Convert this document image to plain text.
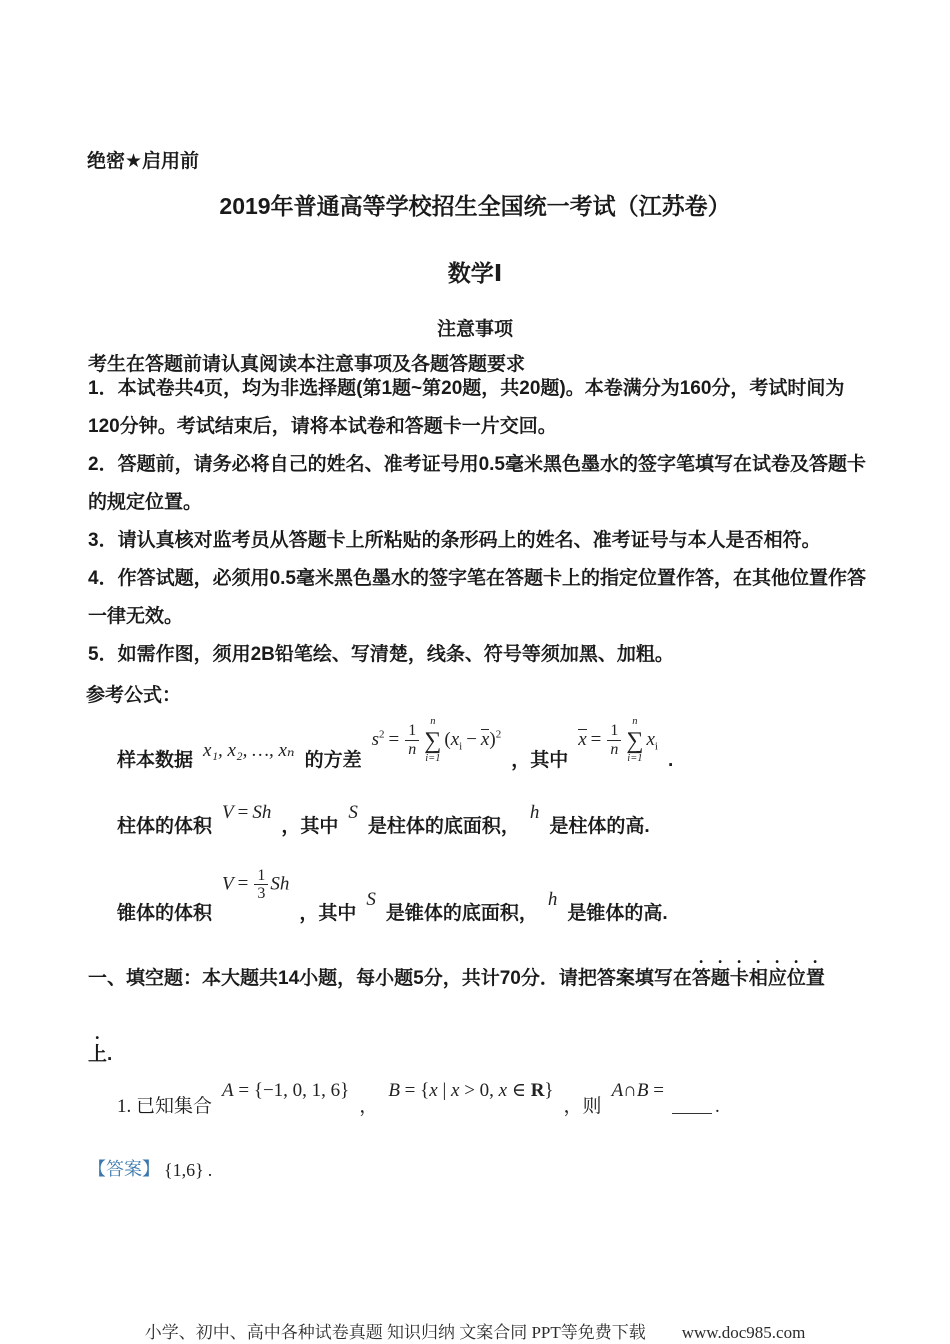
绝密★启用前
2019年普通高等学校招生全国统一考试（江苏卷）
数学Ⅰ
注意事项
考生在答题前请认真阅读本注意事项及各题答题要求

1．本试卷共4页，均为非选择题(第1题~第20题，共20题)。本卷满分为160分，考试时间为120分钟。考试结束后，请将本试卷和答题卡一片交回。

2．答题前，请务必将自己的姓名、准考证号用0.5毫米黑色墨水的签字笔填写在试卷及答题卡的规定位置。

3．请认真核对监考员从答题卡上所粘贴的条形码上的姓名、准考证号与本人是否相符。

4．作答试题，必须用0.5毫米黑色墨水的签字笔在答题卡上的指定位置作答，在其他位置作答一律无效。

5．如需作图，须用2B铅笔绘、写清楚，线条、符号等须加黑、加粗。

参考公式：
样本数据 x₁, x₂, …, xₙ 的方差
$s^2 = \frac{1}{n}$
n
∑
i=1
$(x_i - x)^2$
，其中
$x = \frac{1}{n}$
n
∑
i=1
$x_i$
.
柱体的体积
V = Sh
，其中
S
是柱体的底面积，
h
是柱体的高.
锥体的体积
$V = \frac{1}{3}$ Sh
，其中
S
是锥体的底面积，
h
是锥体的高.
一、填空题：本大题共14小题，每小题5分，共计70分．请把答案填写在答题卡相应位置
上.
1. 已知集合
A = {−1, 0, 1, 6}
，
B = {x | x > 0, x ∈ R}
，则
A∩B =
.
【答案】 {1,6} .
小学、初中、高中各种试卷真题 知识归纳 文案合同 PPT等免费下载 www.doc985.com
